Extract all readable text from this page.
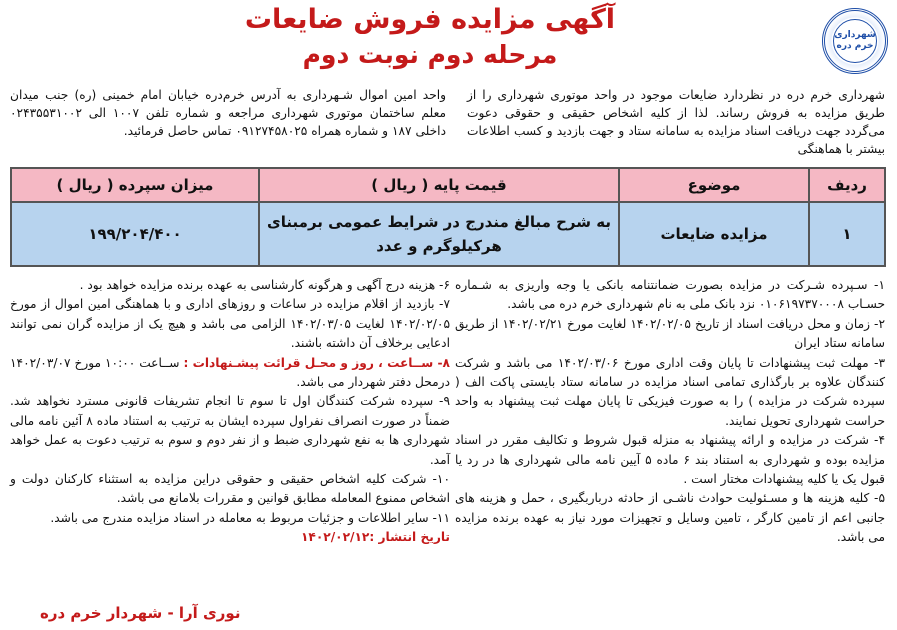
شهرداری خرم دره
آگهی مزایده فروش ضایعات
مرحله دوم نوبت دوم
شهرداری خرم دره در نظردارد ضایعات موجود در واحد موتوری شهرداری را از طریق مزایده به فروش رساند. لذا از کلیه اشخاص حقیقی و حقوقی دعوت می‌گردد جهت دریافت اسناد مزایده به سامانه ستاد و جهت بازدید و کسب اطلاعات بیشتر با هماهنگی
واحد امین اموال شـهرداری به آدرس خرم‌دره خیابان امام خمینی (ره) جنب میدان معلم ساختمان موتوری شهرداری مراجعه و شماره تلفن ۱۰۰۷ الی ۰۲۴۳۵۵۳۱۰۰۲ داخلی ۱۸۷ و شماره همراه ۰۹۱۲۷۴۵۸۰۲۵ تماس حاصل فرمائید.
ردیف	موضوع	قیمت پایه ( ریال )	میزان سپرده ( ریال )
۱	مزایده ضایعات	به شرح مبالغ مندرج در شرایط عمومی برمبنای هرکیلوگرم و عدد	۱۹۹/۲۰۴/۴۰۰

۱- سـپرده شـرکت در مزایده بصورت ضمانتنامه بانکی یا وجه واریزی به شـماره حسـاب ۰۱۰۶۱۹۷۳۷۰۰۰۸ نزد بانک ملی به نام شهرداری خرم دره می باشد.

۲- زمان و محل دریافت اسناد از تاریخ ۱۴۰۲/۰۲/۰۵ لغایت مورخ ۱۴۰۲/۰۲/۲۱ از طریق سامانه ستاد ایران

۳- مهلت ثبت پیشنهادات تا پایان وقت اداری مورخ ۱۴۰۲/۰۳/۰۶ می باشد و شرکت کنندگان علاوه بر بارگذاری تمامی اسناد مزایده در سامانه ستاد بایستی پاکت الف ( سپرده شرکت در مزایده ) را به صورت فیزیکی تا پایان مهلت ثبت پیشنهاد به واحد حراست شهرداری تحویل نمایند.

۴- شرکت در مزایده و ارائه پیشنهاد به منزله قبول شروط و تکالیف مقرر در اسناد مزایده بوده و شهرداری به استناد بند ۶ ماده ۵ آیین نامه مالی شهرداری ها در رد یا قبول یک یا کلیه پیشنهادات مختار است .

۵- کلیه هزینه ها و مسـئولیت حوادث ناشـی از حادثه درباربگیری ، حمل و هزینه های جانبی اعم از تامین کارگر ، تامین وسایل و تجهیزات مورد نیاز به عهده برنده مزایده می باشد.

۶- هزینه درج آگهی و هرگونه کارشناسی به عهده برنده مزایده خواهد بود .

۷- بازدید از اقلام مزایده در ساعات و روزهای اداری و با هماهنگی امین اموال از مورخ ۱۴۰۲/۰۲/۰۵ لغایت ۱۴۰۲/۰۳/۰۵ الزامی می باشد و هیچ یک از مزایده گران نمی توانند ادعایی برخلاف آن داشته باشند.

۸- ســاعت ، روز و محـل قرائت پیشـنهادات : ســاعت ۱۰:۰۰ مورخ ۱۴۰۲/۰۳/۰۷ درمحل دفتر شهردار می باشد.

۹- سپرده شرکت کنندگان اول تا سوم تا انجام تشریفات قانونی مسترد نخواهد شد. ضمناً در صورت انصراف نفراول سپرده ایشان به ترتیب به استناد ماده ۸ آئین نامه مالی شهرداری ها به نفع شهرداری ضبط و از نفر دوم و سوم به ترتیب دعوت به عمل خواهد آمد.

۱۰- شرکت کلیه اشخاص حقیقی و حقوقی دراین مزایده به استثناء کارکنان دولت و اشخاص ممنوع المعامله مطابق قوانین و مقررات بلامانع می باشد.

۱۱- سایر اطلاعات و جزئیات مربوط به معامله در اسناد مزایده مندرج می باشد.

تاریخ انتشار :۱۴۰۲/۰۲/۱۲

نوری آرا - شهردار خرم دره
